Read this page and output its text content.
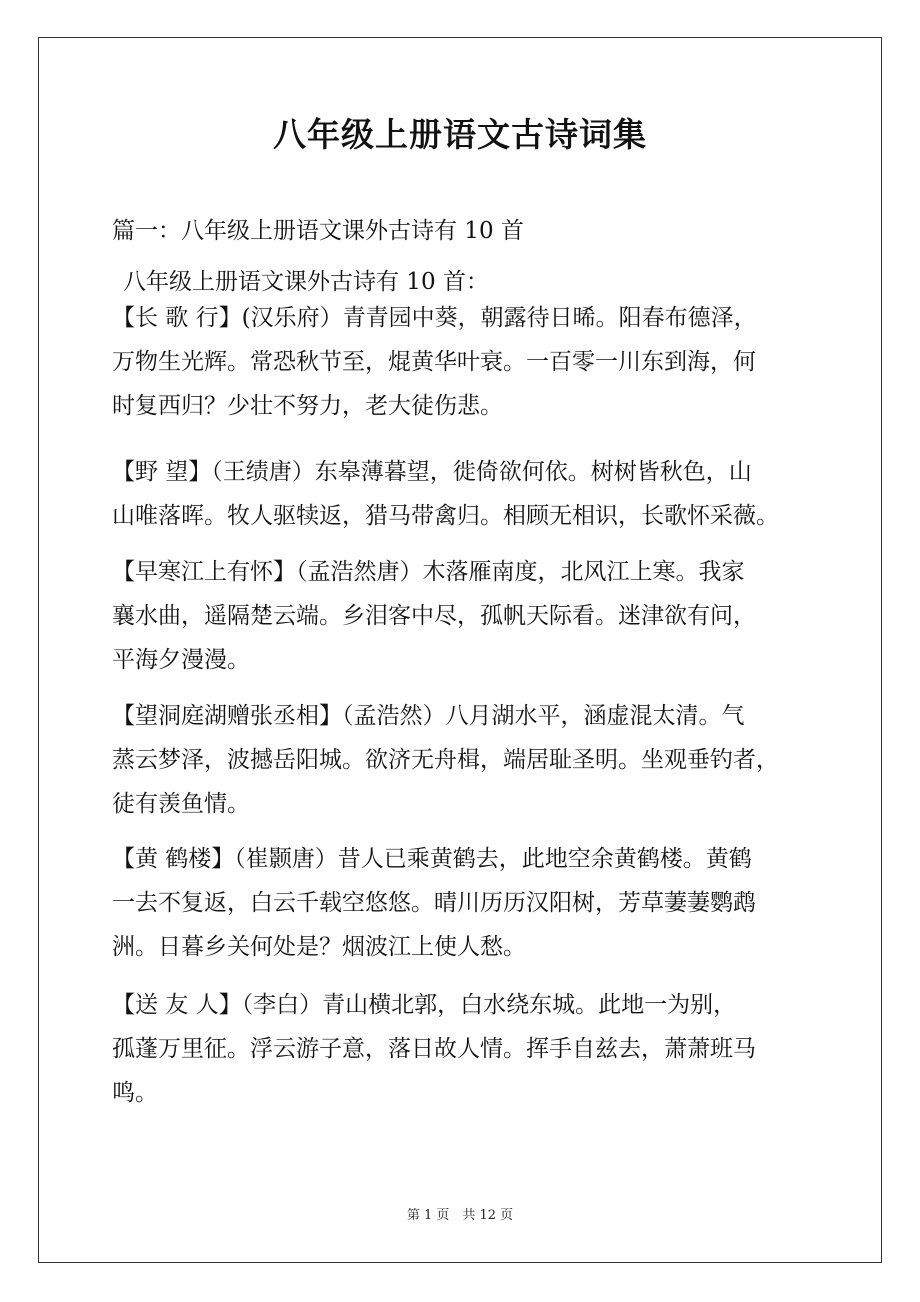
八年级上册语文古诗词集
篇一：八年级上册语文课外古诗有 10 首
八年级上册语文课外古诗有 10 首：
【长 歌 行】(汉乐府）青青园中葵，朝露待日晞。阳春布德泽，
万物生光辉。常恐秋节至，焜黄华叶衰。一百零一川东到海，何
时复西归？少壮不努力，老大徒伤悲。
【野 望】（王绩唐）东皋薄暮望，徙倚欲何依。树树皆秋色，山
山唯落晖。牧人驱犊返，猎马带禽归。相顾无相识，长歌怀采薇。
【早寒江上有怀】（孟浩然唐）木落雁南度，北风江上寒。我家
襄水曲，遥隔楚云端。乡泪客中尽，孤帆天际看。迷津欲有问，
平海夕漫漫。
【望洞庭湖赠张丞相】（孟浩然）八月湖水平，涵虚混太清。气
蒸云梦泽，波撼岳阳城。欲济无舟楫，端居耻圣明。坐观垂钓者，
徒有羡鱼情。
【黄 鹤楼】（崔颢唐）昔人已乘黄鹤去，此地空余黄鹤楼。黄鹤
一去不复返，白云千载空悠悠。晴川历历汉阳树，芳草萋萋鹦鹉
洲。日暮乡关何处是？烟波江上使人愁。
【送 友 人】（李白）青山横北郭，白水绕东城。此地一为别，
孤蓬万里征。浮云游子意，落日故人情。挥手自兹去，萧萧班马
鸣。
第 1 页　共 12 页
